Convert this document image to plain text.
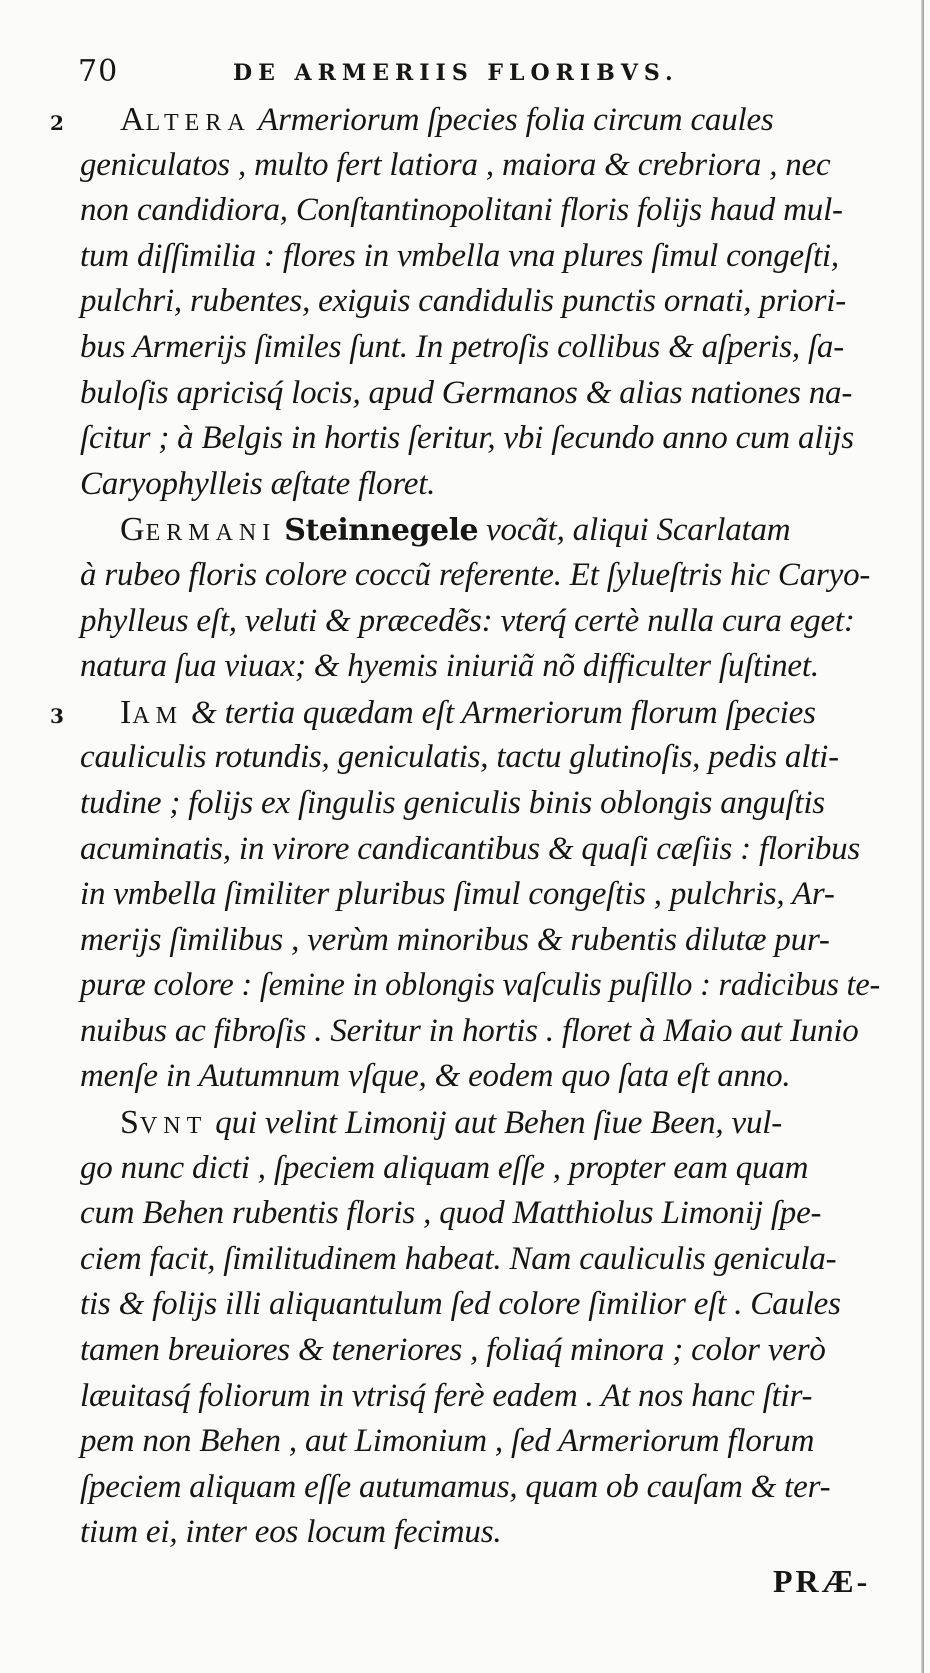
70	DE ARMERIIS FLORIBVS.
2 ALTERA Armeriorum ſpecies folia circum caules
geniculatos , multo fert latiora , maiora & crebriora , nec
non candidiora, Conſtantinopolitani floris folijs haud mul-
tum diſſimilia : flores in vmbella vna plures ſimul congeſti,
pulchri, rubentes, exiguis candidulis punctis ornati, priori-
bus Armerijs ſimiles ſunt. In petroſis collibus & aſperis, ſa-
buloſis apricisq́ locis, apud Germanos & alias nationes na-
ſcitur ; à Belgis in hortis ſeritur, vbi ſecundo anno cum alijs
Caryophylleis æſtate floret.
GERMANI Steinnegele vocãt, aliqui Scarlatam
à rubeo floris colore coccũ referente. Et ſylueſtris hic Caryo-
phylleus eſt, veluti & præcedẽs: vterq́ certè nulla cura eget:
natura ſua viuax; & hyemis iniuriã nõ difficulter ſuſtinet.
3 IAM & tertia quædam eſt Armeriorum florum ſpecies
cauliculis rotundis, geniculatis, tactu glutinoſis, pedis alti-
tudine ; folijs ex ſingulis geniculis binis oblongis anguſtis
acuminatis, in virore candicantibus & quaſi cæſiis : floribus
in vmbella ſimiliter pluribus ſimul congeſtis , pulchris, Ar-
merijs ſimilibus , verùm minoribus & rubentis dilutæ pur-
puræ colore : ſemine in oblongis vaſculis puſillo : radicibus te-
nuibus ac fibroſis . Seritur in hortis . floret à Maio aut Iunio
menſe in Autumnum vſque, & eodem quo ſata eſt anno.
SVNT qui velint Limonij aut Behen ſiue Been, vul-
go nunc dicti , ſpeciem aliquam eſſe , propter eam quam
cum Behen rubentis floris , quod Matthiolus Limonij ſpe-
ciem facit, ſimilitudinem habeat. Nam cauliculis genicula-
tis & folijs illi aliquantulum ſed colore ſimilior eſt . Caules
tamen breuiores & teneriores , foliaq́ minora ; color verò
læuitasq́ foliorum in vtrisq́ ferè eadem . At nos hanc ſtir-
pem non Behen , aut Limonium , ſed Armeriorum florum
ſpeciem aliquam eſſe autumamus, quam ob cauſam & ter-
tium ei, inter eos locum fecimus.
PRÆ-
